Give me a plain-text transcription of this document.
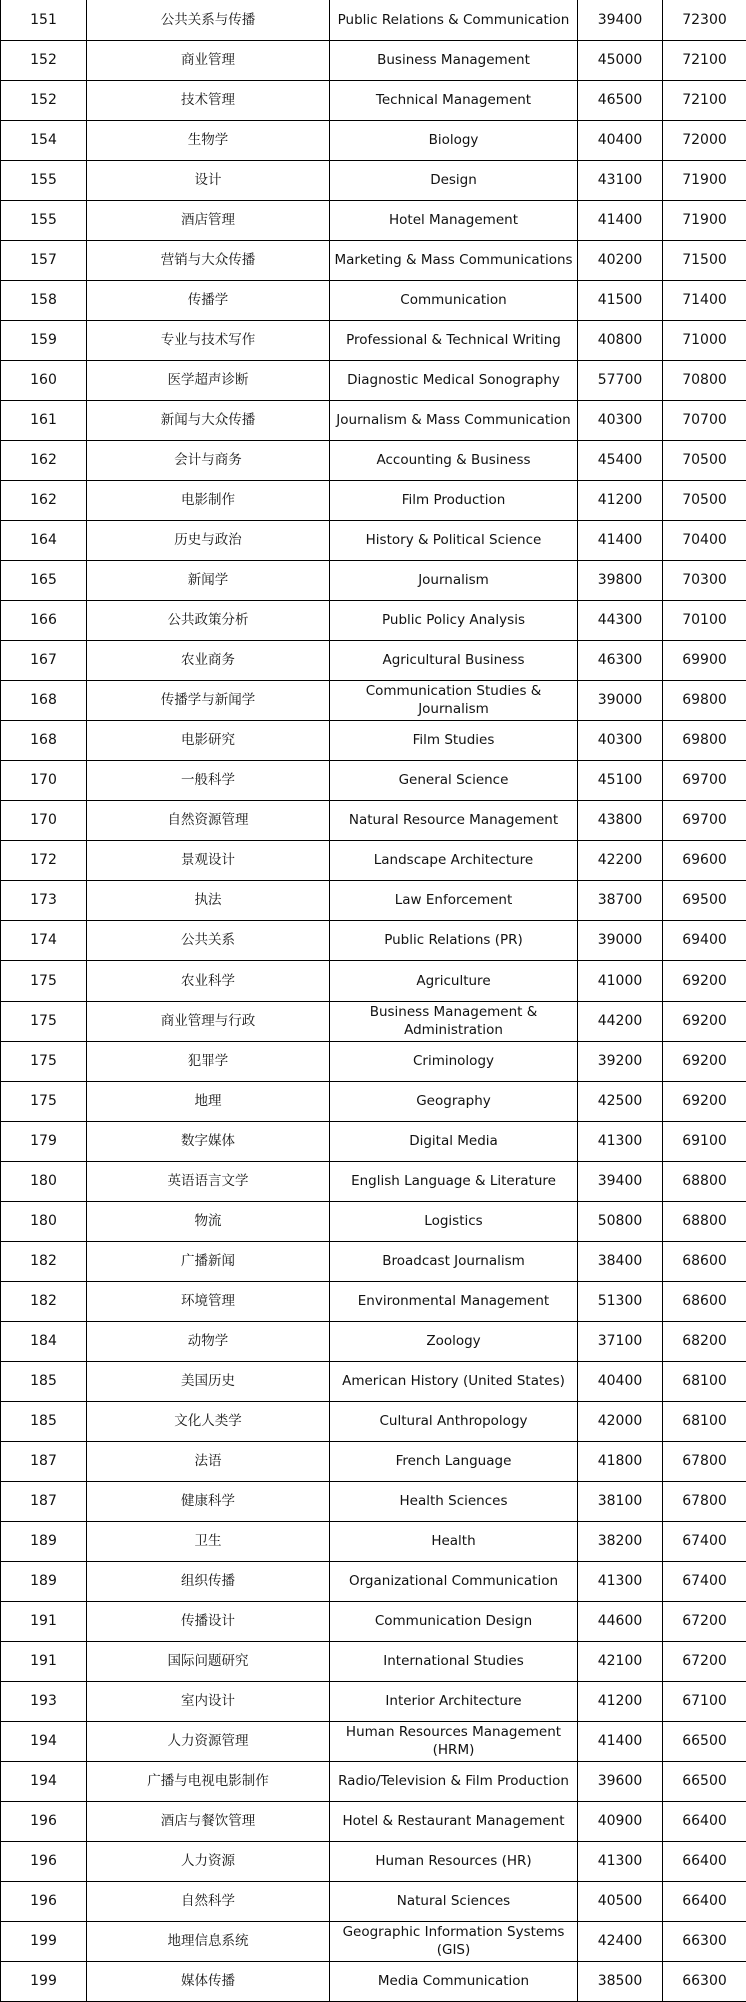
151	公共关系与传播	Public Relations & Communication	39400	72300
152	商业管理	Business Management	45000	72100
152	技术管理	Technical Management	46500	72100
154	生物学	Biology	40400	72000
155	设计	Design	43100	71900
155	酒店管理	Hotel Management	41400	71900
157	营销与大众传播	Marketing & Mass Communications	40200	71500
158	传播学	Communication	41500	71400
159	专业与技术写作	Professional & Technical Writing	40800	71000
160	医学超声诊断	Diagnostic Medical Sonography	57700	70800
161	新闻与大众传播	Journalism & Mass Communication	40300	70700
162	会计与商务	Accounting & Business	45400	70500
162	电影制作	Film Production	41200	70500
164	历史与政治	History & Political Science	41400	70400
165	新闻学	Journalism	39800	70300
166	公共政策分析	Public Policy Analysis	44300	70100
167	农业商务	Agricultural Business	46300	69900
168	传播学与新闻学	Communication Studies & Journalism	39000	69800
168	电影研究	Film Studies	40300	69800
170	一般科学	General Science	45100	69700
170	自然资源管理	Natural Resource Management	43800	69700
172	景观设计	Landscape Architecture	42200	69600
173	执法	Law Enforcement	38700	69500
174	公共关系	Public Relations (PR)	39000	69400
175	农业科学	Agriculture	41000	69200
175	商业管理与行政	Business Management & Administration	44200	69200
175	犯罪学	Criminology	39200	69200
175	地理	Geography	42500	69200
179	数字媒体	Digital Media	41300	69100
180	英语语言文学	English Language & Literature	39400	68800
180	物流	Logistics	50800	68800
182	广播新闻	Broadcast Journalism	38400	68600
182	环境管理	Environmental Management	51300	68600
184	动物学	Zoology	37100	68200
185	美国历史	American History (United States)	40400	68100
185	文化人类学	Cultural Anthropology	42000	68100
187	法语	French Language	41800	67800
187	健康科学	Health Sciences	38100	67800
189	卫生	Health	38200	67400
189	组织传播	Organizational Communication	41300	67400
191	传播设计	Communication Design	44600	67200
191	国际问题研究	International Studies	42100	67200
193	室内设计	Interior Architecture	41200	67100
194	人力资源管理	Human Resources Management (HRM)	41400	66500
194	广播与电视电影制作	Radio/Television & Film Production	39600	66500
196	酒店与餐饮管理	Hotel & Restaurant Management	40900	66400
196	人力资源	Human Resources (HR)	41300	66400
196	自然科学	Natural Sciences	40500	66400
199	地理信息系统	Geographic Information Systems (GIS)	42400	66300
199	媒体传播	Media Communication	38500	66300
